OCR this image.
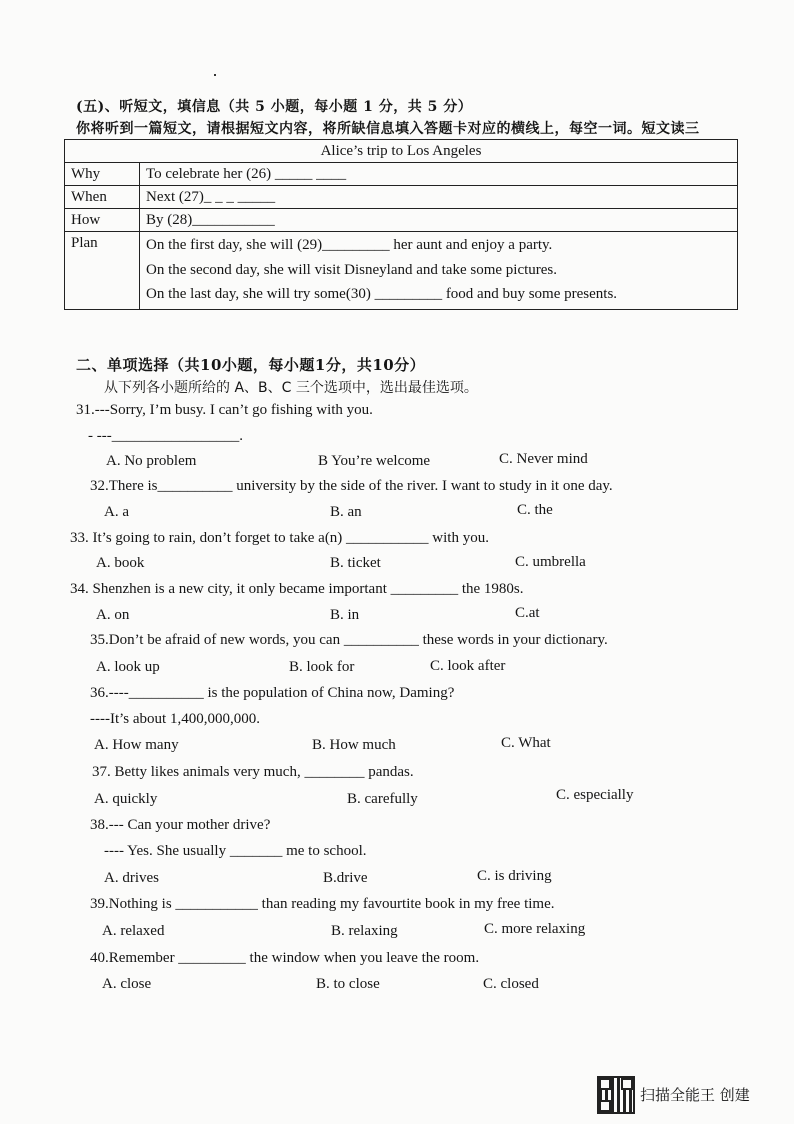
(五)、听短文，填信息（共 5 小题，每小题 1 分，共 5 分）
你将听到一篇短文，请根据短文内容，将所缺信息填入答题卡对应的横线上，每空一词。短文读三
Alice’s trip to Los Angeles	
Why	To celebrate her (26) _____ ____
When	Next (27)_ _ _ _____
How	By (28)___________
Plan	On the first day, she will (29)_________ her aunt and enjoy a party.
On the second day, she will visit Disneyland and take some pictures.
On the last day, she will try some(30) _________ food and buy some presents.
二、单项选择（共10小题，每小题1分，共10分）
从下列各小题所给的 A、B、C 三个选项中，选出最佳选项。
31.---Sorry, I’m busy. I can’t go fishing with you.
- ---_________________.
A. No problem	B You’re welcome	C. Never mind
32.There is__________ university by the side of the river. I want to study in it one day.
A. a	B. an	C. the
33. It’s going to rain, don’t forget to take a(n) ___________ with you.
A. book	B. ticket	C. umbrella
34. Shenzhen is a new city, it only became important _________ the 1980s.
A. on	B. in	C.at
35.Don’t be afraid of new words, you can __________ these words in your dictionary.
A. look up	B. look for	C. look after
36.----__________ is the population of China now, Daming?
----It’s about 1,400,000,000.
A. How many	B. How much	C. What
37. Betty likes animals very much, ________ pandas.
A. quickly	B. carefully	C. especially
38.--- Can your mother drive?
---- Yes. She usually _______ me to school.
A. drives	B.drive	C. is driving
39.Nothing is ___________ than reading my favourtite book in my free time.
A. relaxed	B. relaxing	C. more relaxing
40.Remember _________ the window when you leave the room.
A. close	B. to close	C. closed
扫描全能王 创建
